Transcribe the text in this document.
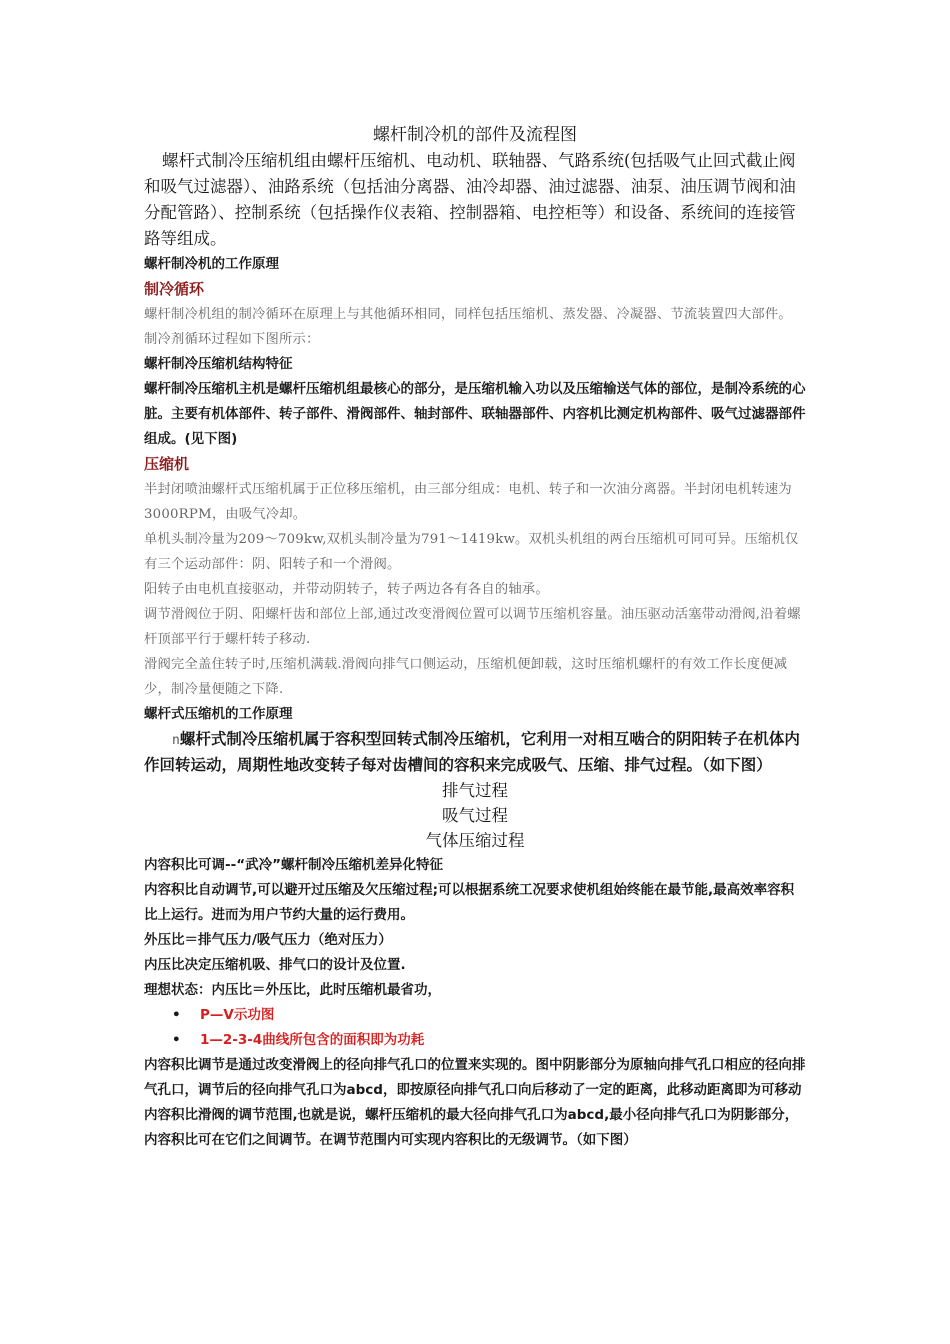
螺杆制冷机的部件及流程图

螺杆式制冷压缩机组由螺杆压缩机、电动机、联轴器、气路系统(包括吸气止回式截止阀和吸气过滤器）、油路系统（包括油分离器、油冷却器、油过滤器、油泵、油压调节阀和油分配管路）、控制系统（包括操作仪表箱、控制器箱、电控柜等）和设备、系统间的连接管路等组成。

螺杆制冷机的工作原理

制冷循环

螺杆制冷机组的制冷循环在原理上与其他循环相同，同样包括压缩机、蒸发器、冷凝器、节流装置四大部件。

制冷剂循环过程如下图所示：

螺杆制冷压缩机结构特征

螺杆制冷压缩机主机是螺杆压缩机组最核心的部分，是压缩机输入功以及压缩输送气体的部位，是制冷系统的心脏。主要有机体部件、转子部件、滑阀部件、轴封部件、联轴器部件、内容机比测定机构部件、吸气过滤器部件组成。(见下图)

压缩机

半封闭喷油螺杆式压缩机属于正位移压缩机，由三部分组成：电机、转子和一次油分离器。半封闭电机转速为3000RPM，由吸气冷却。

单机头制冷量为209～709kw,双机头制冷量为791～1419kw。双机头机组的两台压缩机可同可异。压缩机仅有三个运动部件：阴、阳转子和一个滑阀。

阳转子由电机直接驱动，并带动阴转子，转子两边各有各自的轴承。

调节滑阀位于阴、阳螺杆齿和部位上部,通过改变滑阀位置可以调节压缩机容量。油压驱动活塞带动滑阀,沿着螺杆顶部平行于螺杆转子移动.

滑阀完全盖住转子时,压缩机满载.滑阀向排气口侧运动，压缩机便卸载，这时压缩机螺杆的有效工作长度便减少，制冷量便随之下降.

螺杆式压缩机的工作原理

n螺杆式制冷压缩机属于容积型回转式制冷压缩机，它利用一对相互啮合的阴阳转子在机体内作回转运动，周期性地改变转子每对齿槽间的容积来完成吸气、压缩、排气过程。（如下图）

排气过程

吸气过程

气体压缩过程

内容积比可调--“武冷”螺杆制冷压缩机差异化特征

内容积比自动调节,可以避开过压缩及欠压缩过程;可以根据系统工况要求使机组始终能在最节能,最高效率容积比上运行。进而为用户节约大量的运行费用。

外压比＝排气压力/吸气压力（绝对压力）

内压比决定压缩机吸、排气口的设计及位置.

理想状态：内压比＝外压比，此时压缩机最省功，

• P—V示功图
• 1—2-3-4曲线所包含的面积即为功耗

内容积比调节是通过改变滑阀上的径向排气孔口的位置来实现的。图中阴影部分为原轴向排气孔口相应的径向排气孔口，调节后的径向排气孔口为abcd，即按原径向排气孔口向后移动了一定的距离，此移动距离即为可移动内容积比滑阀的调节范围,也就是说，螺杆压缩机的最大径向排气孔口为abcd,最小径向排气孔口为阴影部分，内容积比可在它们之间调节。在调节范围内可实现内容积比的无级调节。（如下图）
